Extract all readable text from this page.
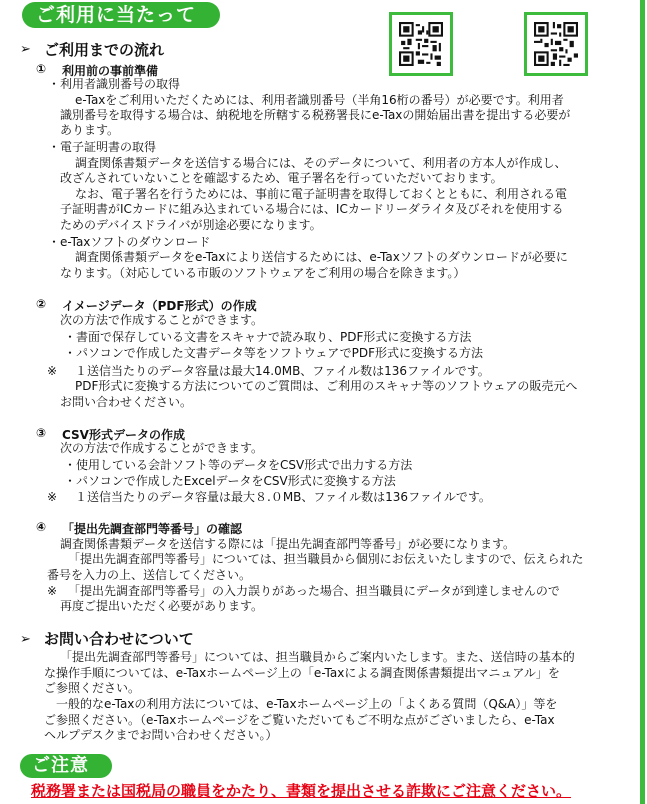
ご利用に当たって
➢ ご利用までの流れ
① 利用前の事前準備
・利用者識別番号の取得
e-Taxをご利用いただくためには、利用者識別番号（半角16桁の番号）が必要です。利用者
識別番号を取得する場合は、納税地を所轄する税務署長にe-Taxの開始届出書を提出する必要が
あります。
・電子証明書の取得
調査関係書類データを送信する場合には、そのデータについて、利用者の方本人が作成し、
改ざんされていないことを確認するため、電子署名を行っていただいております。
なお、電子署名を行うためには、事前に電子証明書を取得しておくとともに、利用される電
子証明書がICカードに組み込まれている場合には、ICカードリーダライタ及びそれを使用する
ためのデバイスドライバが別途必要になります。
・e-Taxソフトのダウンロード
調査関係書類データをe-Taxにより送信するためには、e-Taxソフトのダウンロードが必要に
なります。（対応している市販のソフトウェアをご利用の場合を除きます。）
② イメージデータ（PDF形式）の作成
次の方法で作成することができます。
・書面で保存している文書をスキャナで読み取り、PDF形式に変換する方法
・パソコンで作成した文書データ等をソフトウェアでPDF形式に変換する方法
※ １送信当たりのデータ容量は最大14.0MB、ファイル数は136ファイルです。
PDF形式に変換する方法についてのご質問は、ご利用のスキャナ等のソフトウェアの販売元へ
お問い合わせください。
③ CSV形式データの作成
次の方法で作成することができます。
・使用している会計ソフト等のデータをCSV形式で出力する方法
・パソコンで作成したExcelデータをCSV形式に変換する方法
※ １送信当たりのデータ容量は最大８.０MB、ファイル数は136ファイルです。
④ 「提出先調査部門等番号」の確認
調査関係書類データを送信する際には「提出先調査部門等番号」が必要になります。
「提出先調査部門等番号」については、担当職員から個別にお伝えいたしますので、伝えられた
番号を入力の上、送信してください。
※ 「提出先調査部門等番号」の入力誤りがあった場合、担当職員にデータが到達しませんので
再度ご提出いただく必要があります。
➢ お問い合わせについて
「提出先調査部門等番号」については、担当職員からご案内いたします。また、送信時の基本的
な操作手順については、e-Taxホームページ上の「e-Taxによる調査関係書類提出マニュアル」を
ご参照ください。
一般的なe-Taxの利用方法については、e-Taxホームページ上の「よくある質問（Q&A）」等を
ご参照ください。（e-Taxホームページをご覧いただいてもご不明な点がございましたら、e-Tax
ヘルプデスクまでお問い合わせください。）
ご注意
税務署または国税局の職員をかたり、書類を提出させる詐欺にご注意ください。
